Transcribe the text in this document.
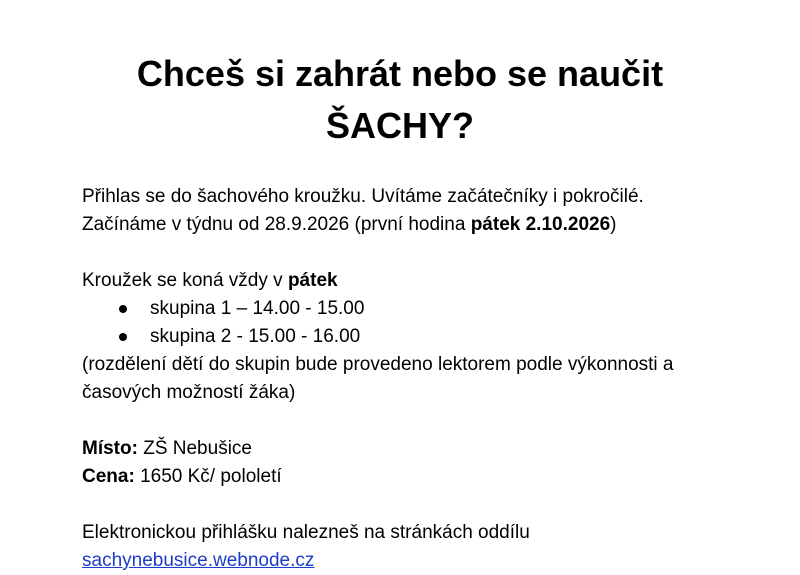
Chceš si zahrát nebo se naučit
ŠACHY?
Přihlas se do šachového kroužku. Uvítáme začátečníky i pokročilé.
Začínáme v týdnu od 28.9.2026 (první hodina pátek 2.10.2026)
Kroužek se koná vždy v pátek
skupina 1 – 14.00 - 15.00
skupina 2 - 15.00 - 16.00
(rozdělení dětí do skupin bude provedeno lektorem podle výkonnosti a
časových možností žáka)
Místo: ZŠ Nebušice
Cena: 1650 Kč/ pololetí
Elektronickou přihlášku nalezneš na stránkách oddílu
sachynebusice.webnode.cz
